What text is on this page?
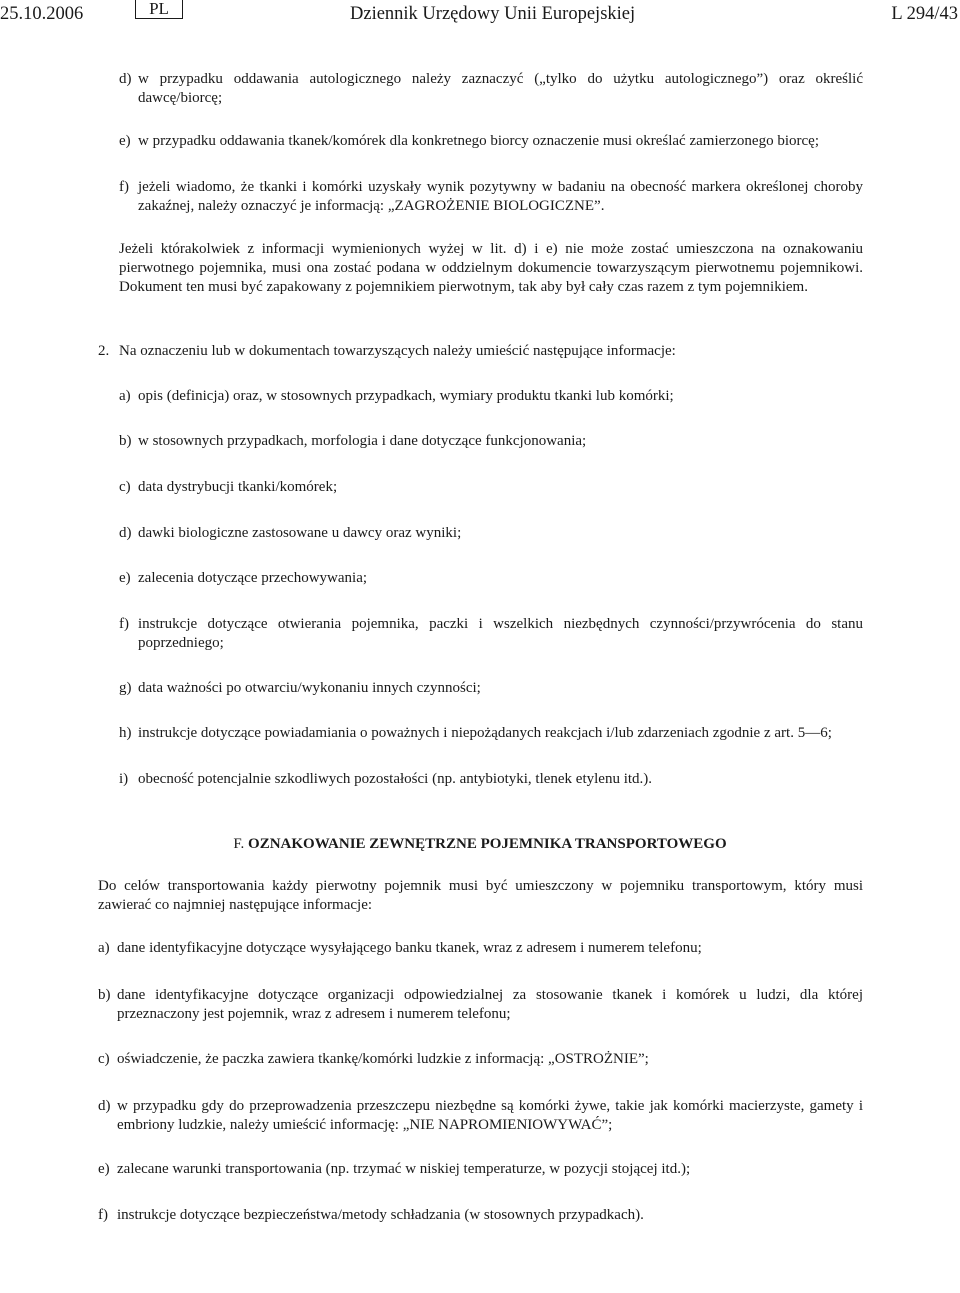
25.10.2006	PL	Dziennik Urzędowy Unii Europejskiej	L 294/43
d) w przypadku oddawania autologicznego należy zaznaczyć („tylko do użytku autologicznego”) oraz określić dawcę/biorcę;
e) w przypadku oddawania tkanek/komórek dla konkretnego biorcy oznaczenie musi określać zamierzonego biorcę;
f) jeżeli wiadomo, że tkanki i komórki uzyskały wynik pozytywny w badaniu na obecność markera określonej choroby zakaźnej, należy oznaczyć je informacją: „ZAGROŻENIE BIOLOGICZNE”.
Jeżeli którakolwiek z informacji wymienionych wyżej w lit. d) i e) nie może zostać umieszczona na oznakowaniu pierwotnego pojemnika, musi ona zostać podana w oddzielnym dokumencie towarzyszącym pierwotnemu pojemnikowi. Dokument ten musi być zapakowany z pojemnikiem pierwotnym, tak aby był cały czas razem z tym pojemnikiem.
2. Na oznaczeniu lub w dokumentach towarzyszących należy umieścić następujące informacje:
a) opis (definicja) oraz, w stosownych przypadkach, wymiary produktu tkanki lub komórki;
b) w stosownych przypadkach, morfologia i dane dotyczące funkcjonowania;
c) data dystrybucji tkanki/komórek;
d) dawki biologiczne zastosowane u dawcy oraz wyniki;
e) zalecenia dotyczące przechowywania;
f) instrukcje dotyczące otwierania pojemnika, paczki i wszelkich niezbędnych czynności/przywrócenia do stanu poprzedniego;
g) data ważności po otwarciu/wykonaniu innych czynności;
h) instrukcje dotyczące powiadamiania o poważnych i niepożądanych reakcjach i/lub zdarzeniach zgodnie z art. 5—6;
i) obecność potencjalnie szkodliwych pozostałości (np. antybiotyki, tlenek etylenu itd.).
F. OZNAKOWANIE ZEWNĘTRZNE POJEMNIKA TRANSPORTOWEGO
Do celów transportowania każdy pierwotny pojemnik musi być umieszczony w pojemniku transportowym, który musi zawierać co najmniej następujące informacje:
a) dane identyfikacyjne dotyczące wysyłającego banku tkanek, wraz z adresem i numerem telefonu;
b) dane identyfikacyjne dotyczące organizacji odpowiedzialnej za stosowanie tkanek i komórek u ludzi, dla której przeznaczony jest pojemnik, wraz z adresem i numerem telefonu;
c) oświadczenie, że paczka zawiera tkankę/komórki ludzkie z informacją: „OSTROŻNIE”;
d) w przypadku gdy do przeprowadzenia przeszczepu niezbędne są komórki żywe, takie jak komórki macierzyste, gamety i embriony ludzkie, należy umieścić informację: „NIE NAPROMIENIOWYWAĆ”;
e) zalecane warunki transportowania (np. trzymać w niskiej temperaturze, w pozycji stojącej itd.);
f) instrukcje dotyczące bezpieczeństwa/metody schładzania (w stosownych przypadkach).
